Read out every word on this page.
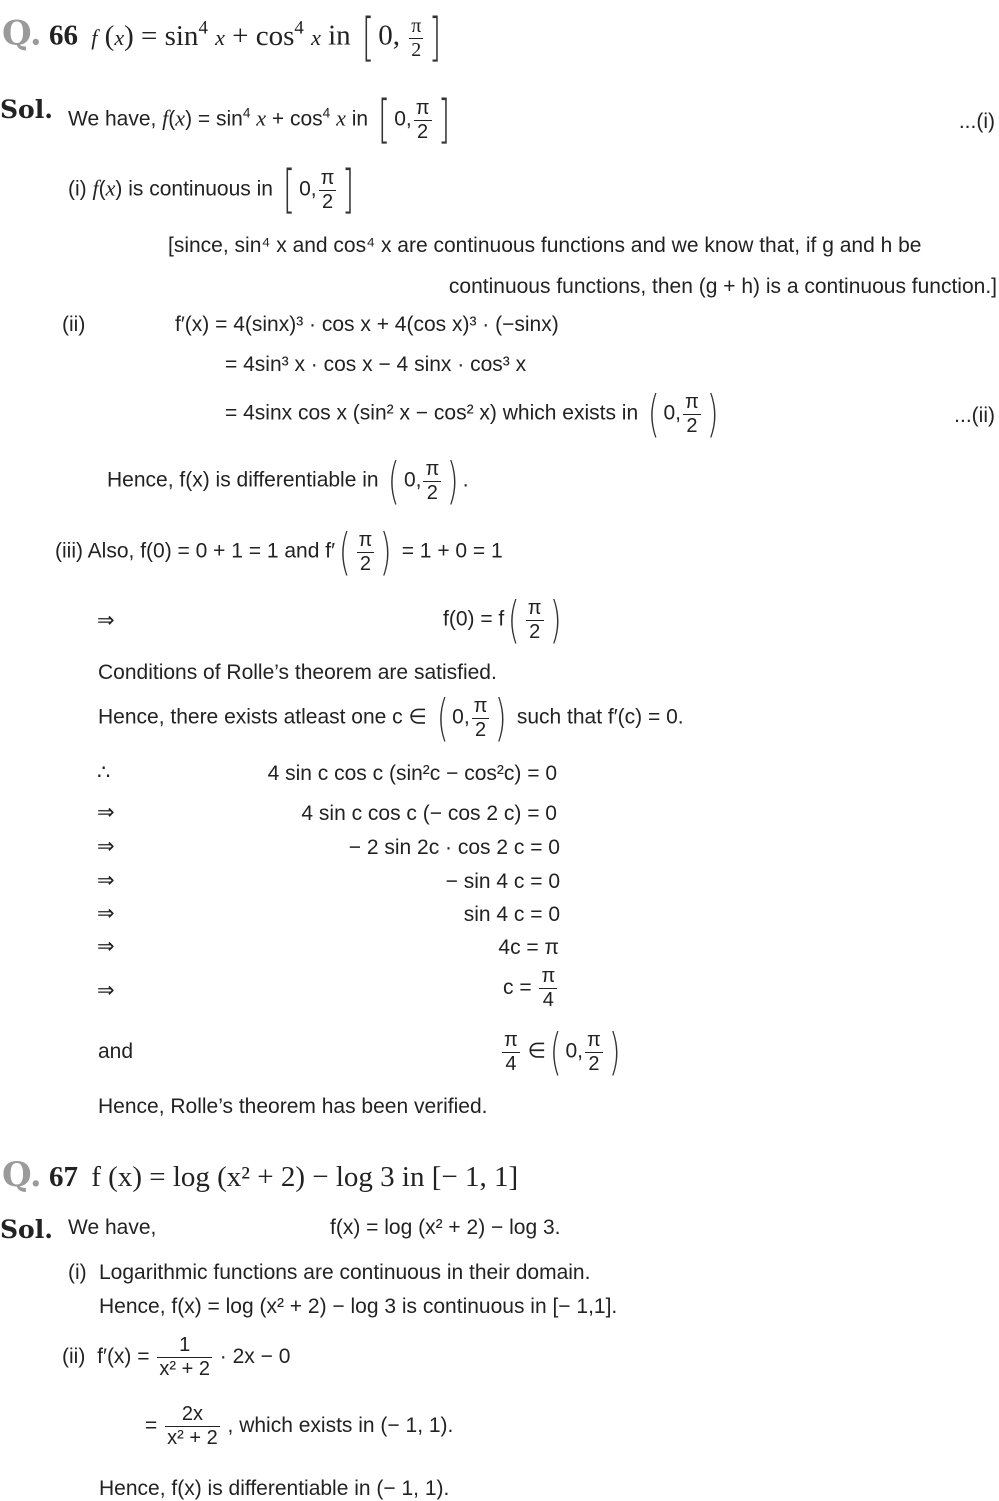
Q. 66 f $(x) = \sin^4 x + \cos^4 x$ in [ 0, $\frac{\pi}{2}$ ]
Sol. We have, $f(x) = \sin^4 x + \cos^4 x$ in [ 0, $\frac{\pi}{2}$ ]	...(i)
(i) f(x) is continuous in [ 0, $\frac{\pi}{2}$ ]
[since, sin⁴ x and cos⁴ x are continuous functions and we know that, if g and h be
continuous functions, then (g + h) is a continuous function.]
(ii)	f′(x) = 4(sinx)³ · cos x + 4(cos x)³ · (−sinx)
= 4sin³ x · cos x − 4 sinx · cos³ x
= 4sinx cos x (sin² x − cos² x) which exists in ( 0, $\frac{\pi}{2}$ )	...(ii)
Hence, f(x) is differentiable in ( 0, $\frac{\pi}{2}$ ) .
(iii) Also, f(0) = 0 + 1 = 1 and $f'( \frac{\pi}{2}$ ) = 1 + 0 = 1
⇒	$f(0) = f( \frac{\pi}{2}$ )
Conditions of Rolle’s theorem are satisfied.
Hence, there exists atleast one c ∈ ( 0, $\frac{\pi}{2}$ ) such that f′(c) = 0.
∴	4 sin c cos c (sin²c − cos²c) = 0
⇒	4 sin c cos c (− cos 2 c) = 0
⇒	− 2 sin 2c · cos 2 c = 0
⇒	− sin 4 c = 0
⇒	sin 4 c = 0
⇒	4c = π
⇒	$c = \frac{\pi}{4}$
and	$\frac{\pi}{4}$ ∈( 0, $\frac{\pi}{2}$ )
Hence, Rolle’s theorem has been verified.
Q. 67 f (x) = log (x² + 2) − log 3 in [− 1, 1]
Sol. We have,	f(x) = log (x² + 2) − log 3.
(i) Logarithmic functions are continuous in their domain.
Hence, f(x) = log (x² + 2) − log 3 is continuous in [− 1,1].
(ii) $f'(x) = \frac{1}{\text{x² + 2}} \cdot 2x - 0$
= $\frac{2x}{\text{x² + 2}}$ , which exists in (− 1, 1).
Hence, f(x) is differentiable in (− 1, 1).
